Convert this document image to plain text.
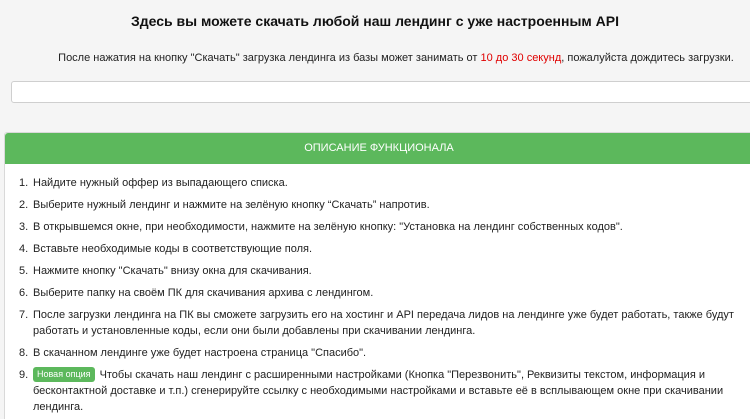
Здесь вы можете скачать любой наш лендинг с уже настроенным API
После нажатия на кнопку "Скачать" загрузка лендинга из базы может занимать от 10 до 30 секунд, пожалуйста дождитесь загрузки.
ОПИСАНИЕ ФУНКЦИОНАЛА
1. Найдите нужный оффер из выпадающего списка.
2. Выберите нужный лендинг и нажмите на зелёную кнопку “Скачать” напротив.
3. В открывшемся окне, при необходимости, нажмите на зелёную кнопку: "Установка на лендинг собственных кодов".
4. Вставьте необходимые коды в соответствующие поля.
5. Нажмите кнопку "Скачать" внизу окна для скачивания.
6. Выберите папку на своём ПК для скачивания архива с лендингом.
7. После загрузки лендинга на ПК вы сможете загрузить его на хостинг и API передача лидов на лендинге уже будет работать, также будут работать и установленные коды, если они были добавлены при скачивании лендинга.
8. В скачанном лендинге уже будет настроена страница "Спасибо".
9. Новая опция Чтобы скачать наш лендинг с расширенными настройками (Кнопка "Перезвонить", Реквизиты текстом, информация и бесконтактной доставке и т.п.) сгенерируйте ссылку с необходимыми настройками и вставьте её в всплывающем окне при скачивании лендинга.
